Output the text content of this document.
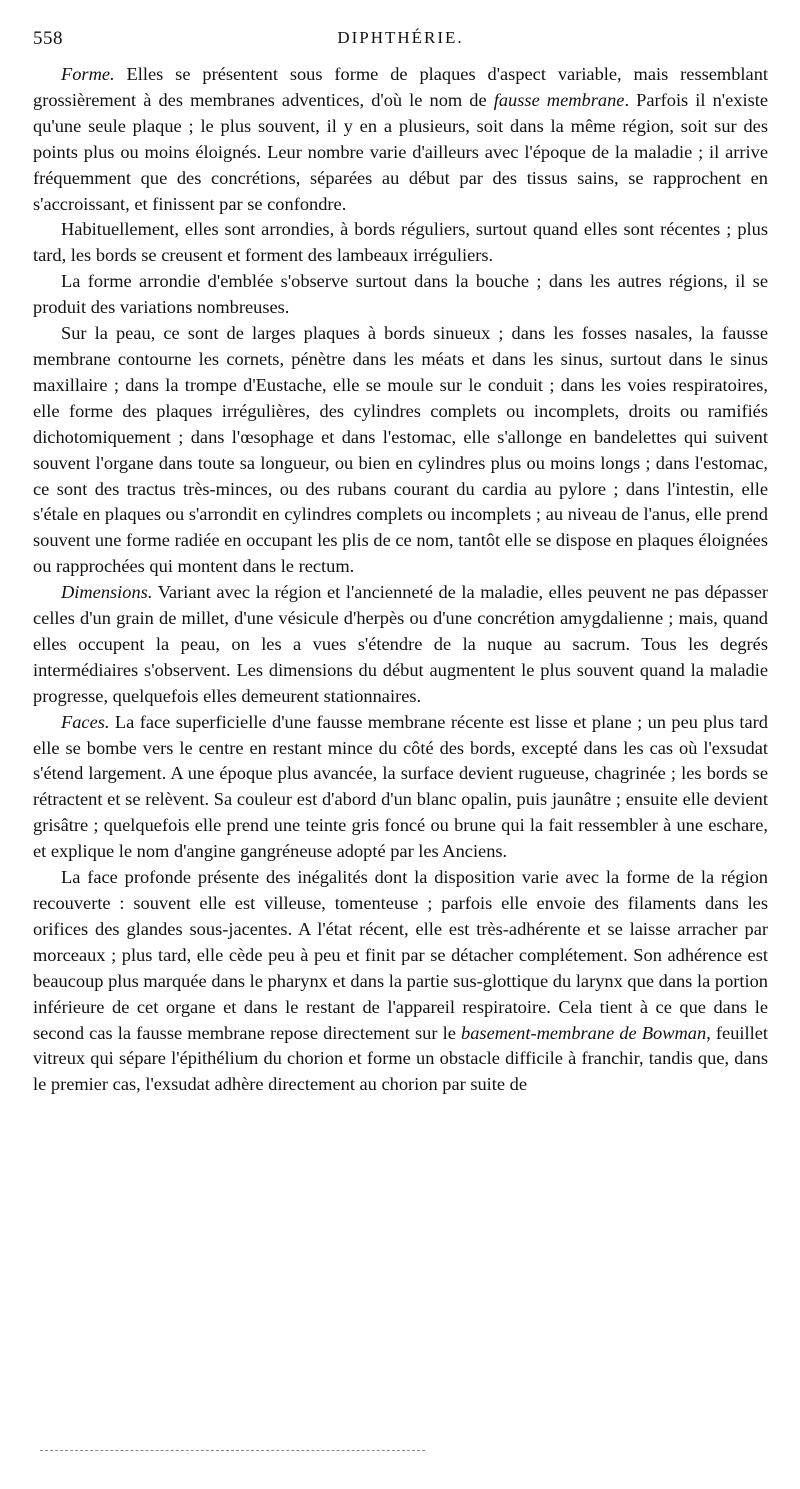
558	DIPHTHÉRIE.

Forme. Elles se présentent sous forme de plaques d'aspect variable, mais ressemblant grossièrement à des membranes adventices, d'où le nom de fausse membrane. Parfois il n'existe qu'une seule plaque ; le plus souvent, il y en a plusieurs, soit dans la même région, soit sur des points plus ou moins éloignés. Leur nombre varie d'ailleurs avec l'époque de la maladie ; il arrive fréquemment que des concrétions, séparées au début par des tissus sains, se rapprochent en s'accroissant, et finissent par se confondre.

Habituellement, elles sont arrondies, à bords réguliers, surtout quand elles sont récentes ; plus tard, les bords se creusent et forment des lambeaux irréguliers.

La forme arrondie d'emblée s'observe surtout dans la bouche ; dans les autres régions, il se produit des variations nombreuses.

Sur la peau, ce sont de larges plaques à bords sinueux ; dans les fosses nasales, la fausse membrane contourne les cornets, pénètre dans les méats et dans les sinus, surtout dans le sinus maxillaire ; dans la trompe d'Eustache, elle se moule sur le conduit ; dans les voies respiratoires, elle forme des plaques irrégulières, des cylindres complets ou incomplets, droits ou ramifiés dichotomiquement ; dans l'œsophage et dans l'estomac, elle s'allonge en bandelettes qui suivent souvent l'organe dans toute sa longueur, ou bien en cylindres plus ou moins longs ; dans l'estomac, ce sont des tractus très-minces, ou des rubans courant du cardia au pylore ; dans l'intestin, elle s'étale en plaques ou s'arrondit en cylindres complets ou incomplets ; au niveau de l'anus, elle prend souvent une forme radiée en occupant les plis de ce nom, tantôt elle se dispose en plaques éloignées ou rapprochées qui montent dans le rectum.

Dimensions. Variant avec la région et l'ancienneté de la maladie, elles peuvent ne pas dépasser celles d'un grain de millet, d'une vésicule d'herpès ou d'une concrétion amygdalienne ; mais, quand elles occupent la peau, on les a vues s'étendre de la nuque au sacrum. Tous les degrés intermédiaires s'observent. Les dimensions du début augmentent le plus souvent quand la maladie progresse, quelquefois elles demeurent stationnaires.

Faces. La face superficielle d'une fausse membrane récente est lisse et plane ; un peu plus tard elle se bombe vers le centre en restant mince du côté des bords, excepté dans les cas où l'exsudat s'étend largement. A une époque plus avancée, la surface devient rugueuse, chagrinée ; les bords se rétractent et se relèvent. Sa couleur est d'abord d'un blanc opalin, puis jaunâtre ; ensuite elle devient grisâtre ; quelquefois elle prend une teinte gris foncé ou brune qui la fait ressembler à une eschare, et explique le nom d'angine gangréneuse adopté par les Anciens.

La face profonde présente des inégalités dont la disposition varie avec la forme de la région recouverte : souvent elle est villeuse, tomenteuse ; parfois elle envoie des filaments dans les orifices des glandes sous-jacentes. A l'état récent, elle est très-adhérente et se laisse arracher par morceaux ; plus tard, elle cède peu à peu et finit par se détacher complétement. Son adhérence est beaucoup plus marquée dans le pharynx et dans la partie sus-glottique du larynx que dans la portion inférieure de cet organe et dans le restant de l'appareil respiratoire. Cela tient à ce que dans le second cas la fausse membrane repose directement sur le basement-membrane de Bowman, feuillet vitreux qui sépare l'épithélium du chorion et forme un obstacle difficile à franchir, tandis que, dans le premier cas, l'exsudat adhère directement au chorion par suite de
